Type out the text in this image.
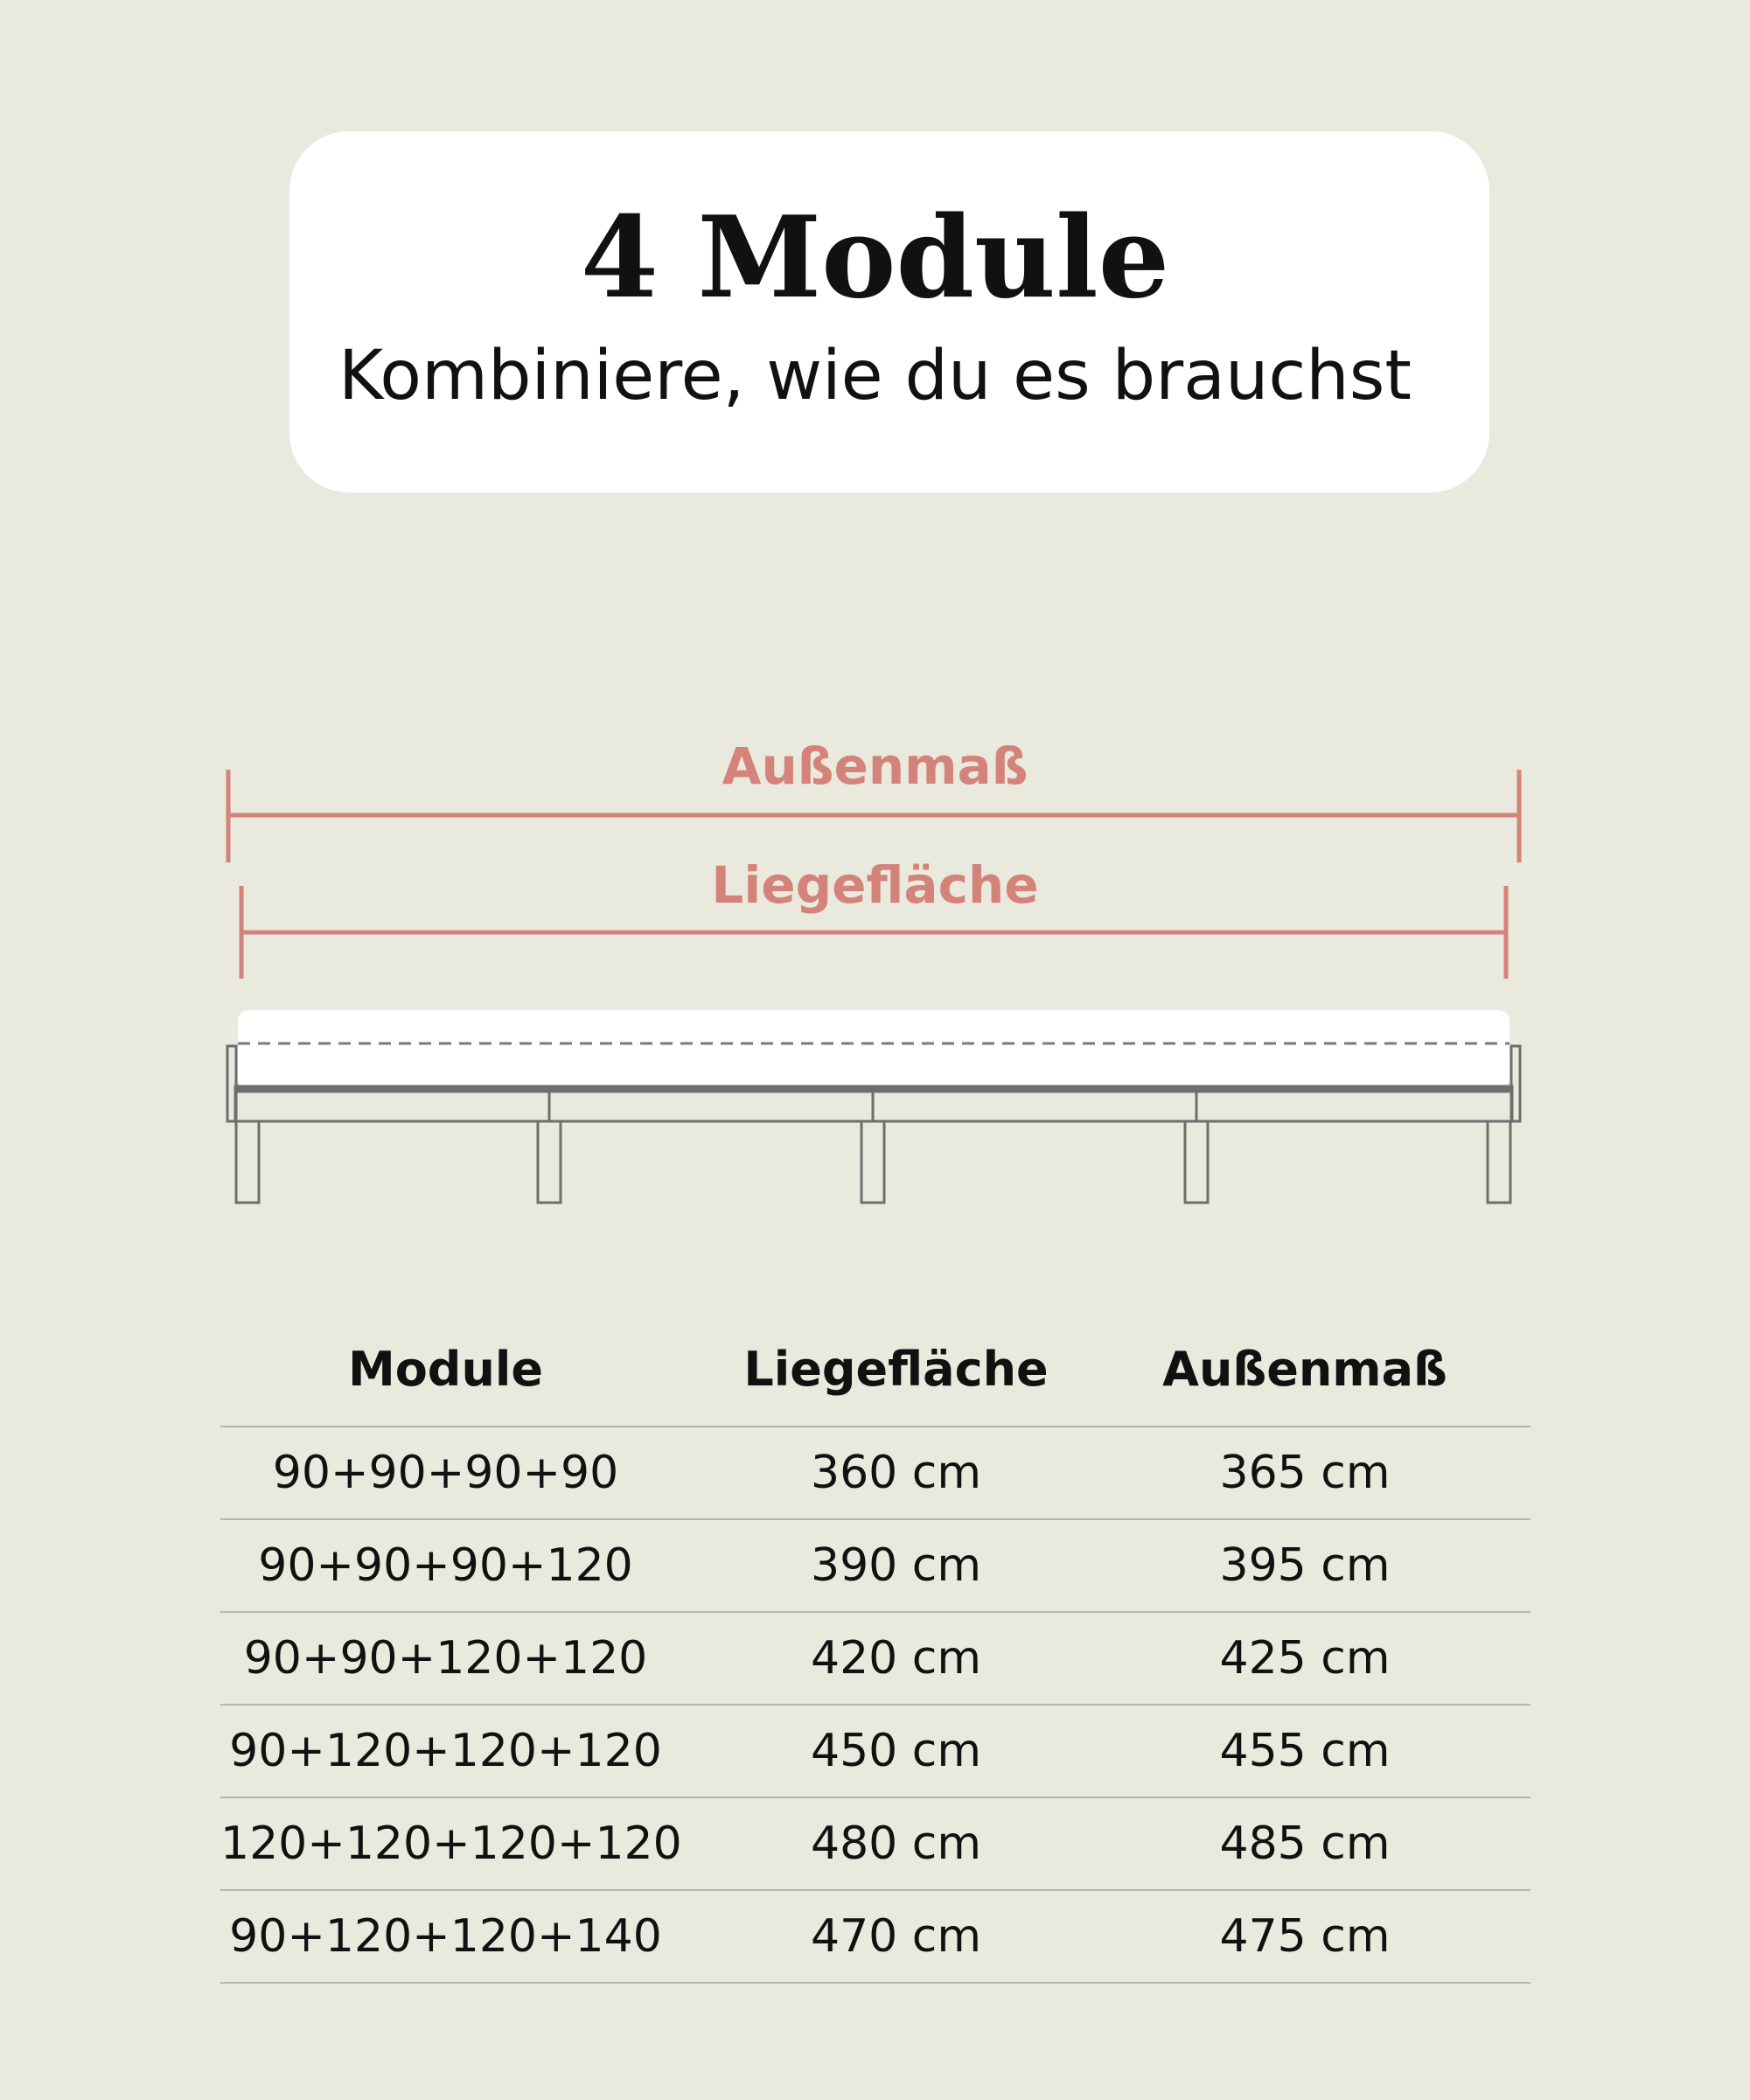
4 Module
Kombiniere, wie du es brauchst
Außenmaß
Liegefläche
Module	Liegefläche	Außenmaß
90+90+90+90	360 cm	365 cm
90+90+90+120	390 cm	395 cm
90+90+120+120	420 cm	425 cm
90+120+120+120	450 cm	455 cm
120+120+120+120	480 cm	485 cm
90+120+120+140	470 cm	475 cm
